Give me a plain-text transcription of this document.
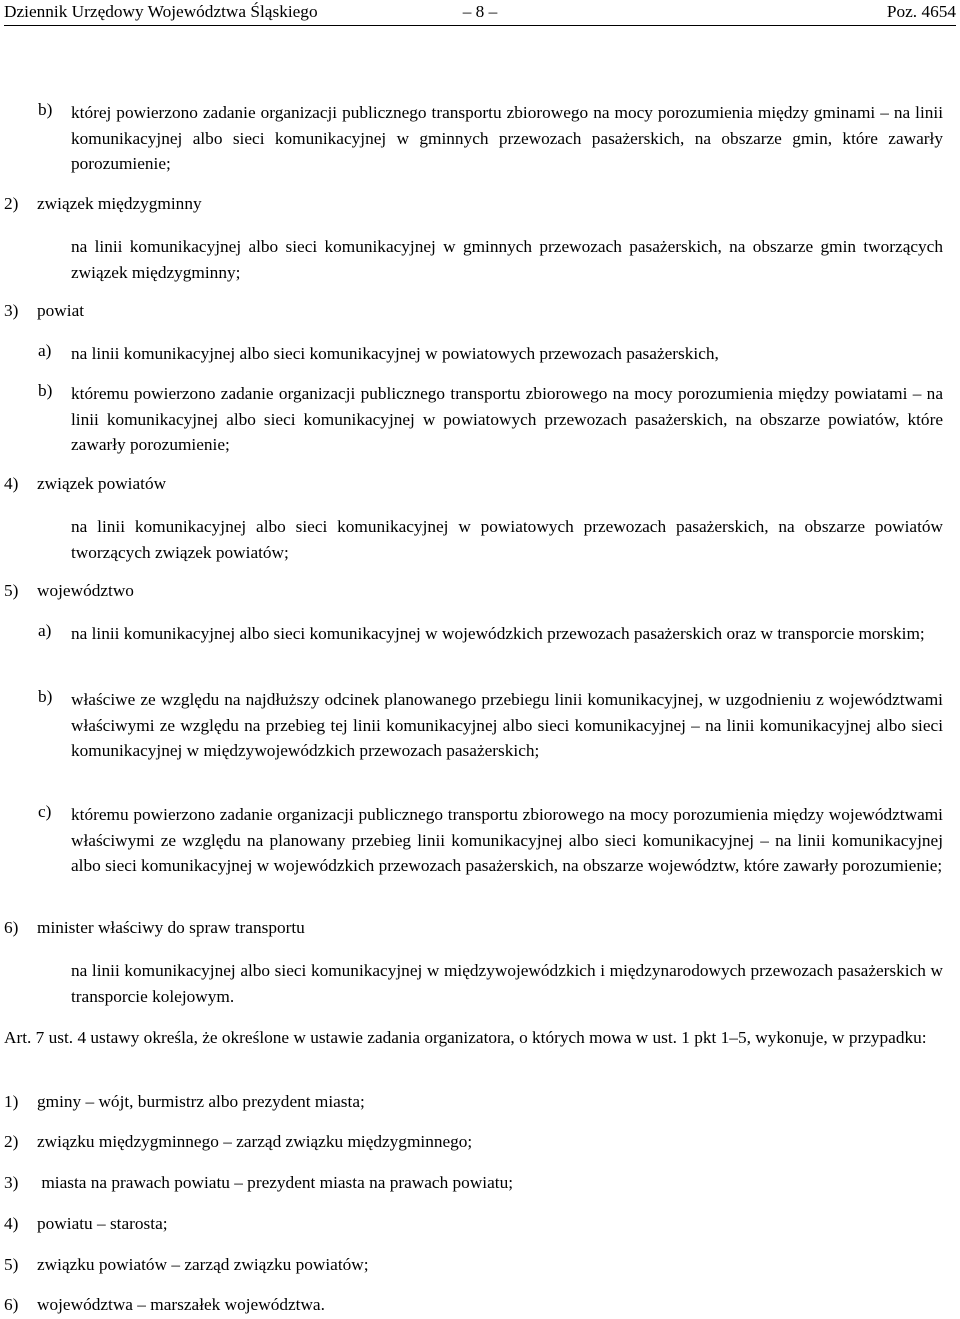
Dziennik Urzędowy Województwa Śląskiego	– 8 –	Poz. 4654
b) której powierzono zadanie organizacji publicznego transportu zbiorowego na mocy porozumienia między gminami – na linii komunikacyjnej albo sieci komunikacyjnej w gminnych przewozach pasażerskich, na obszarze gmin, które zawarły porozumienie;
2) związek międzygminny
na linii komunikacyjnej albo sieci komunikacyjnej w gminnych przewozach pasażerskich, na obszarze gmin tworzących związek międzygminny;
3) powiat
a) na linii komunikacyjnej albo sieci komunikacyjnej w powiatowych przewozach pasażerskich,
b) któremu powierzono zadanie organizacji publicznego transportu zbiorowego na mocy porozumienia między powiatami – na linii komunikacyjnej albo sieci komunikacyjnej w powiatowych przewozach pasażerskich, na obszarze powiatów, które zawarły porozumienie;
4) związek powiatów
na linii komunikacyjnej albo sieci komunikacyjnej w powiatowych przewozach pasażerskich, na obszarze powiatów tworzących związek powiatów;
5) województwo
a) na linii komunikacyjnej albo sieci komunikacyjnej w wojewódzkich przewozach pasażerskich oraz w transporcie morskim;
b) właściwe ze względu na najdłuższy odcinek planowanego przebiegu linii komunikacyjnej, w uzgodnieniu z województwami właściwymi ze względu na przebieg tej linii komunikacyjnej albo sieci komunikacyjnej – na linii komunikacyjnej albo sieci komunikacyjnej w międzywojewódzkich przewozach pasażerskich;
c) któremu powierzono zadanie organizacji publicznego transportu zbiorowego na mocy porozumienia między województwami właściwymi ze względu na planowany przebieg linii komunikacyjnej albo sieci komunikacyjnej – na linii komunikacyjnej albo sieci komunikacyjnej w wojewódzkich przewozach pasażerskich, na obszarze województw, które zawarły porozumienie;
6) minister właściwy do spraw transportu
na linii komunikacyjnej albo sieci komunikacyjnej w międzywojewódzkich i międzynarodowych przewozach pasażerskich w transporcie kolejowym.
Art. 7 ust. 4 ustawy określa, że określone w ustawie zadania organizatora, o których mowa w ust. 1 pkt 1–5, wykonuje, w przypadku:
1) gminy – wójt, burmistrz albo prezydent miasta;
2) związku międzygminnego – zarząd związku międzygminnego;
3) miasta na prawach powiatu – prezydent miasta na prawach powiatu;
4) powiatu – starosta;
5) związku powiatów – zarząd związku powiatów;
6) województwa – marszałek województwa.
